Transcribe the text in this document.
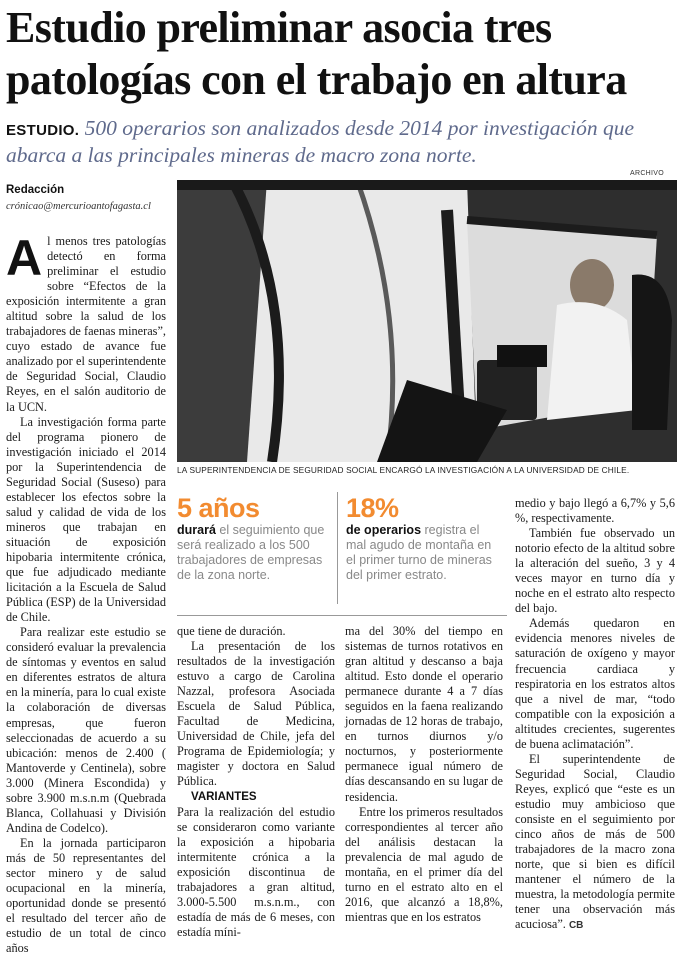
Estudio preliminar asocia tres
patologías con el trabajo en altura
ESTUDIO. 500 operarios son analizados desde 2014 por investigación que abarca a las principales mineras de macro zona norte.
Redacción
crónicao@mercurioantofagasta.cl
ARCHIVO
LA SUPERINTENDENCIA DE SEGURIDAD SOCIAL ENCARGÓ LA INVESTIGACIÓN A LA UNIVERSIDAD DE CHILE.

Al menos tres patologías detectó en forma preliminar el estudio sobre “Efectos de la exposición intermitente a gran altitud sobre la salud de los trabajadores de faenas mineras”, cuyo estado de avance fue analizado por el superintendente de Seguridad Social, Claudio Reyes, en el salón auditorio de la UCN.

La investigación forma parte del programa pionero de investigación iniciado el 2014 por la Superintendencia de Seguridad Social (Suseso) para establecer los efectos sobre la salud y calidad de vida de los mineros que trabajan en situación de exposición hipobaria intermitente crónica, que fue adjudicado mediante licitación a la Escuela de Salud Pública (ESP) de la Universidad de Chile.

Para realizar este estudio se consideró evaluar la prevalencia de síntomas y eventos en salud en diferentes estratos de altura en la minería, para lo cual existe la colaboración de diversas empresas, que fueron seleccionadas de acuerdo a su ubicación: menos de 2.400 ( Mantoverde y Centinela), sobre 3.000 (Minera Escondida) y sobre 3.900 m.s.n.m (Quebrada Blanca, Collahuasi y División Andina de Codelco).

En la jornada participaron más de 50 representantes del sector minero y de salud ocupacional en la minería, oportunidad donde se presentó el resultado del tercer año de estudio de un total de cinco años

5 años
durará el seguimiento que será realizado a los 500 trabajadores de empresas de la zona norte.
18%
de operarios registra el mal agudo de montaña en el primer turno de mineras del primer estrato.

que tiene de duración.

La presentación de los resultados de la investigación estuvo a cargo de Carolina Nazzal, profesora Asociada Escuela de Salud Pública, Facultad de Medicina, Universidad de Chile, jefa del Programa de Epidemiología; y magister y doctora en Salud Pública.

VARIANTES

Para la realización del estudio se consideraron como variante la exposición a hipobaria intermitente crónica a la exposición discontinua de trabajadores a gran altitud, 3.000-5.500 m.s.n.m., con estadía de más de 6 meses, con estadía míni-

ma del 30% del tiempo en sistemas de turnos rotativos en gran altitud y descanso a baja altitud. Esto donde el operario permanece durante 4 a 7 días seguidos en la faena realizando jornadas de 12 horas de trabajo, en turnos diurnos y/o nocturnos, y posteriormente permanece igual número de días descansando en su lugar de residencia.

Entre los primeros resultados correspondientes al tercer año del análisis destacan la prevalencia de mal agudo de montaña, en el primer día del turno en el estrato alto en el 2016, que alcanzó a 18,8%, mientras que en los estratos

medio y bajo llegó a 6,7% y 5,6 %, respectivamente.

También fue observado un notorio efecto de la altitud sobre la alteración del sueño, 3 y 4 veces mayor en turno día y noche en el estrato alto respecto del bajo.

Además quedaron en evidencia menores niveles de saturación de oxígeno y mayor frecuencia cardiaca y respiratoria en los estratos altos que a nivel de mar, “todo compatible con la exposición a altitudes crecientes, sugerentes de buena aclimatación”.

El superintendente de Seguridad Social, Claudio Reyes, explicó que “este es un estudio muy ambicioso que consiste en el seguimiento por cinco años de más de 500 trabajadores de la macro zona norte, que si bien es difícil mantener el número de la muestra, la metodología permite tener una observación más acuciosa”. CB
